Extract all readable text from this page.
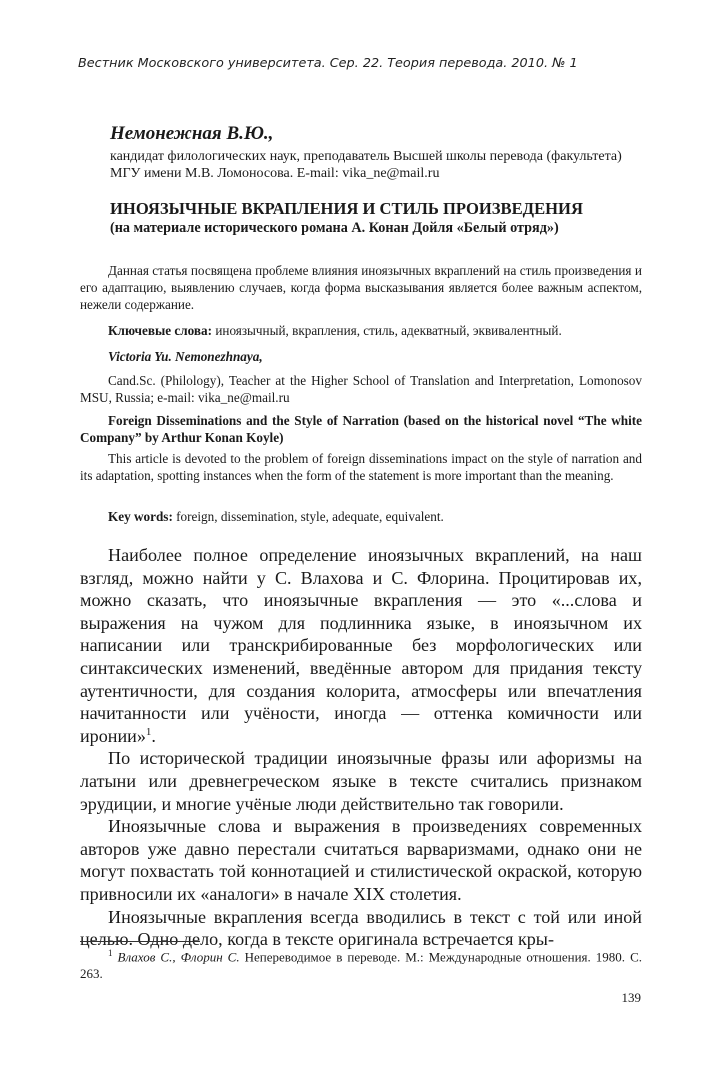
Вестник Московского университета. Сер. 22. Теория перевода. 2010. № 1
Немонежная В.Ю.,
кандидат филологических наук, преподаватель Высшей школы перевода (факультета) МГУ имени М.В. Ломоносова. E-mail: vika_ne@mail.ru
ИНОЯЗЫЧНЫЕ ВКРАПЛЕНИЯ И СТИЛЬ ПРОИЗВЕДЕНИЯ
(на материале исторического романа А. Конан Дойля «Белый отряд»)

Данная статья посвящена проблеме влияния иноязычных вкраплений на стиль произведения и его адаптацию, выявлению случаев, когда форма высказывания является более важным аспектом, нежели содержание.

Ключевые слова: иноязычный, вкрапления, стиль, адекватный, эквивалентный.

Victoria Yu. Nemonezhnaya,

Cand.Sc. (Philology), Teacher at the Higher School of Translation and Interpretation, Lomonosov MSU, Russia; e-mail: vika_ne@mail.ru

Foreign Disseminations and the Style of Narration (based on the historical novel “The white Company” by Arthur Konan Koyle)

This article is devoted to the problem of foreign disseminations impact on the style of narration and its adaptation, spotting instances when the form of the statement is more important than the meaning.

Key words: foreign, dissemination, style, adequate, equivalent.

Наиболее полное определение иноязычных вкраплений, на наш взгляд, можно найти у С. Влахова и С. Флорина. Процитировав их, можно сказать, что иноязычные вкрапления — это «...слова и выражения на чужом для подлинника языке, в иноязычном их написании или транскрибированные без морфологических или синтаксических изменений, введённые автором для придания тексту аутентичности, для создания колорита, атмосферы или впечатления начитанности или учёности, иногда — оттенка комичности или иронии»$^1$.

По исторической традиции иноязычные фразы или афоризмы на латыни или древнегреческом языке в тексте считались признаком эрудиции, и многие учёные люди действительно так говорили.

Иноязычные слова и выражения в произведениях современных авторов уже давно перестали считаться варваризмами, однако они не могут похвастать той коннотацией и стилистической окраской, которую привносили их «аналоги» в начале XIX столетия.

Иноязычные вкрапления всегда вводились в текст с той или иной целью. Одно дело, когда в тексте оригинала встречается кры-

$^1$ Влахов С., Флорин С. Непереводимое в переводе. М.: Международные отношения. 1980. С. 263.

139
